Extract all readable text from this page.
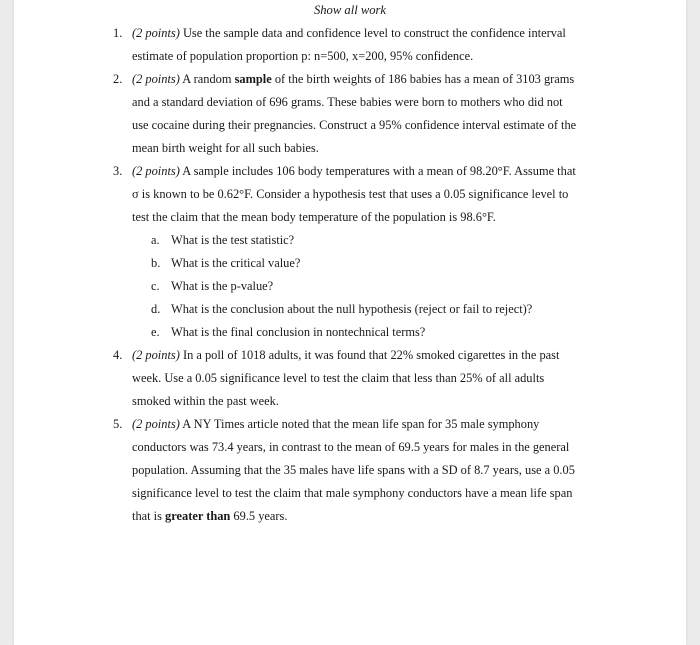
Show all work
1. (2 points) Use the sample data and confidence level to construct the confidence interval
estimate of population proportion p: n=500, x=200, 95% confidence.
2. (2 points) A random sample of the birth weights of 186 babies has a mean of 3103 grams
and a standard deviation of 696 grams. These babies were born to mothers who did not
use cocaine during their pregnancies. Construct a 95% confidence interval estimate of the
mean birth weight for all such babies.
3. (2 points) A sample includes 106 body temperatures with a mean of 98.20°F. Assume that
σ is known to be 0.62°F. Consider a hypothesis test that uses a 0.05 significance level to
test the claim that the mean body temperature of the population is 98.6°F.
a. What is the test statistic?
b. What is the critical value?
c. What is the p-value?
d. What is the conclusion about the null hypothesis (reject or fail to reject)?
e. What is the final conclusion in nontechnical terms?
4. (2 points) In a poll of 1018 adults, it was found that 22% smoked cigarettes in the past
week. Use a 0.05 significance level to test the claim that less than 25% of all adults
smoked within the past week.
5. (2 points) A NY Times article noted that the mean life span for 35 male symphony
conductors was 73.4 years, in contrast to the mean of 69.5 years for males in the general
population. Assuming that the 35 males have life spans with a SD of 8.7 years, use a 0.05
significance level to test the claim that male symphony conductors have a mean life span
that is greater than 69.5 years.
